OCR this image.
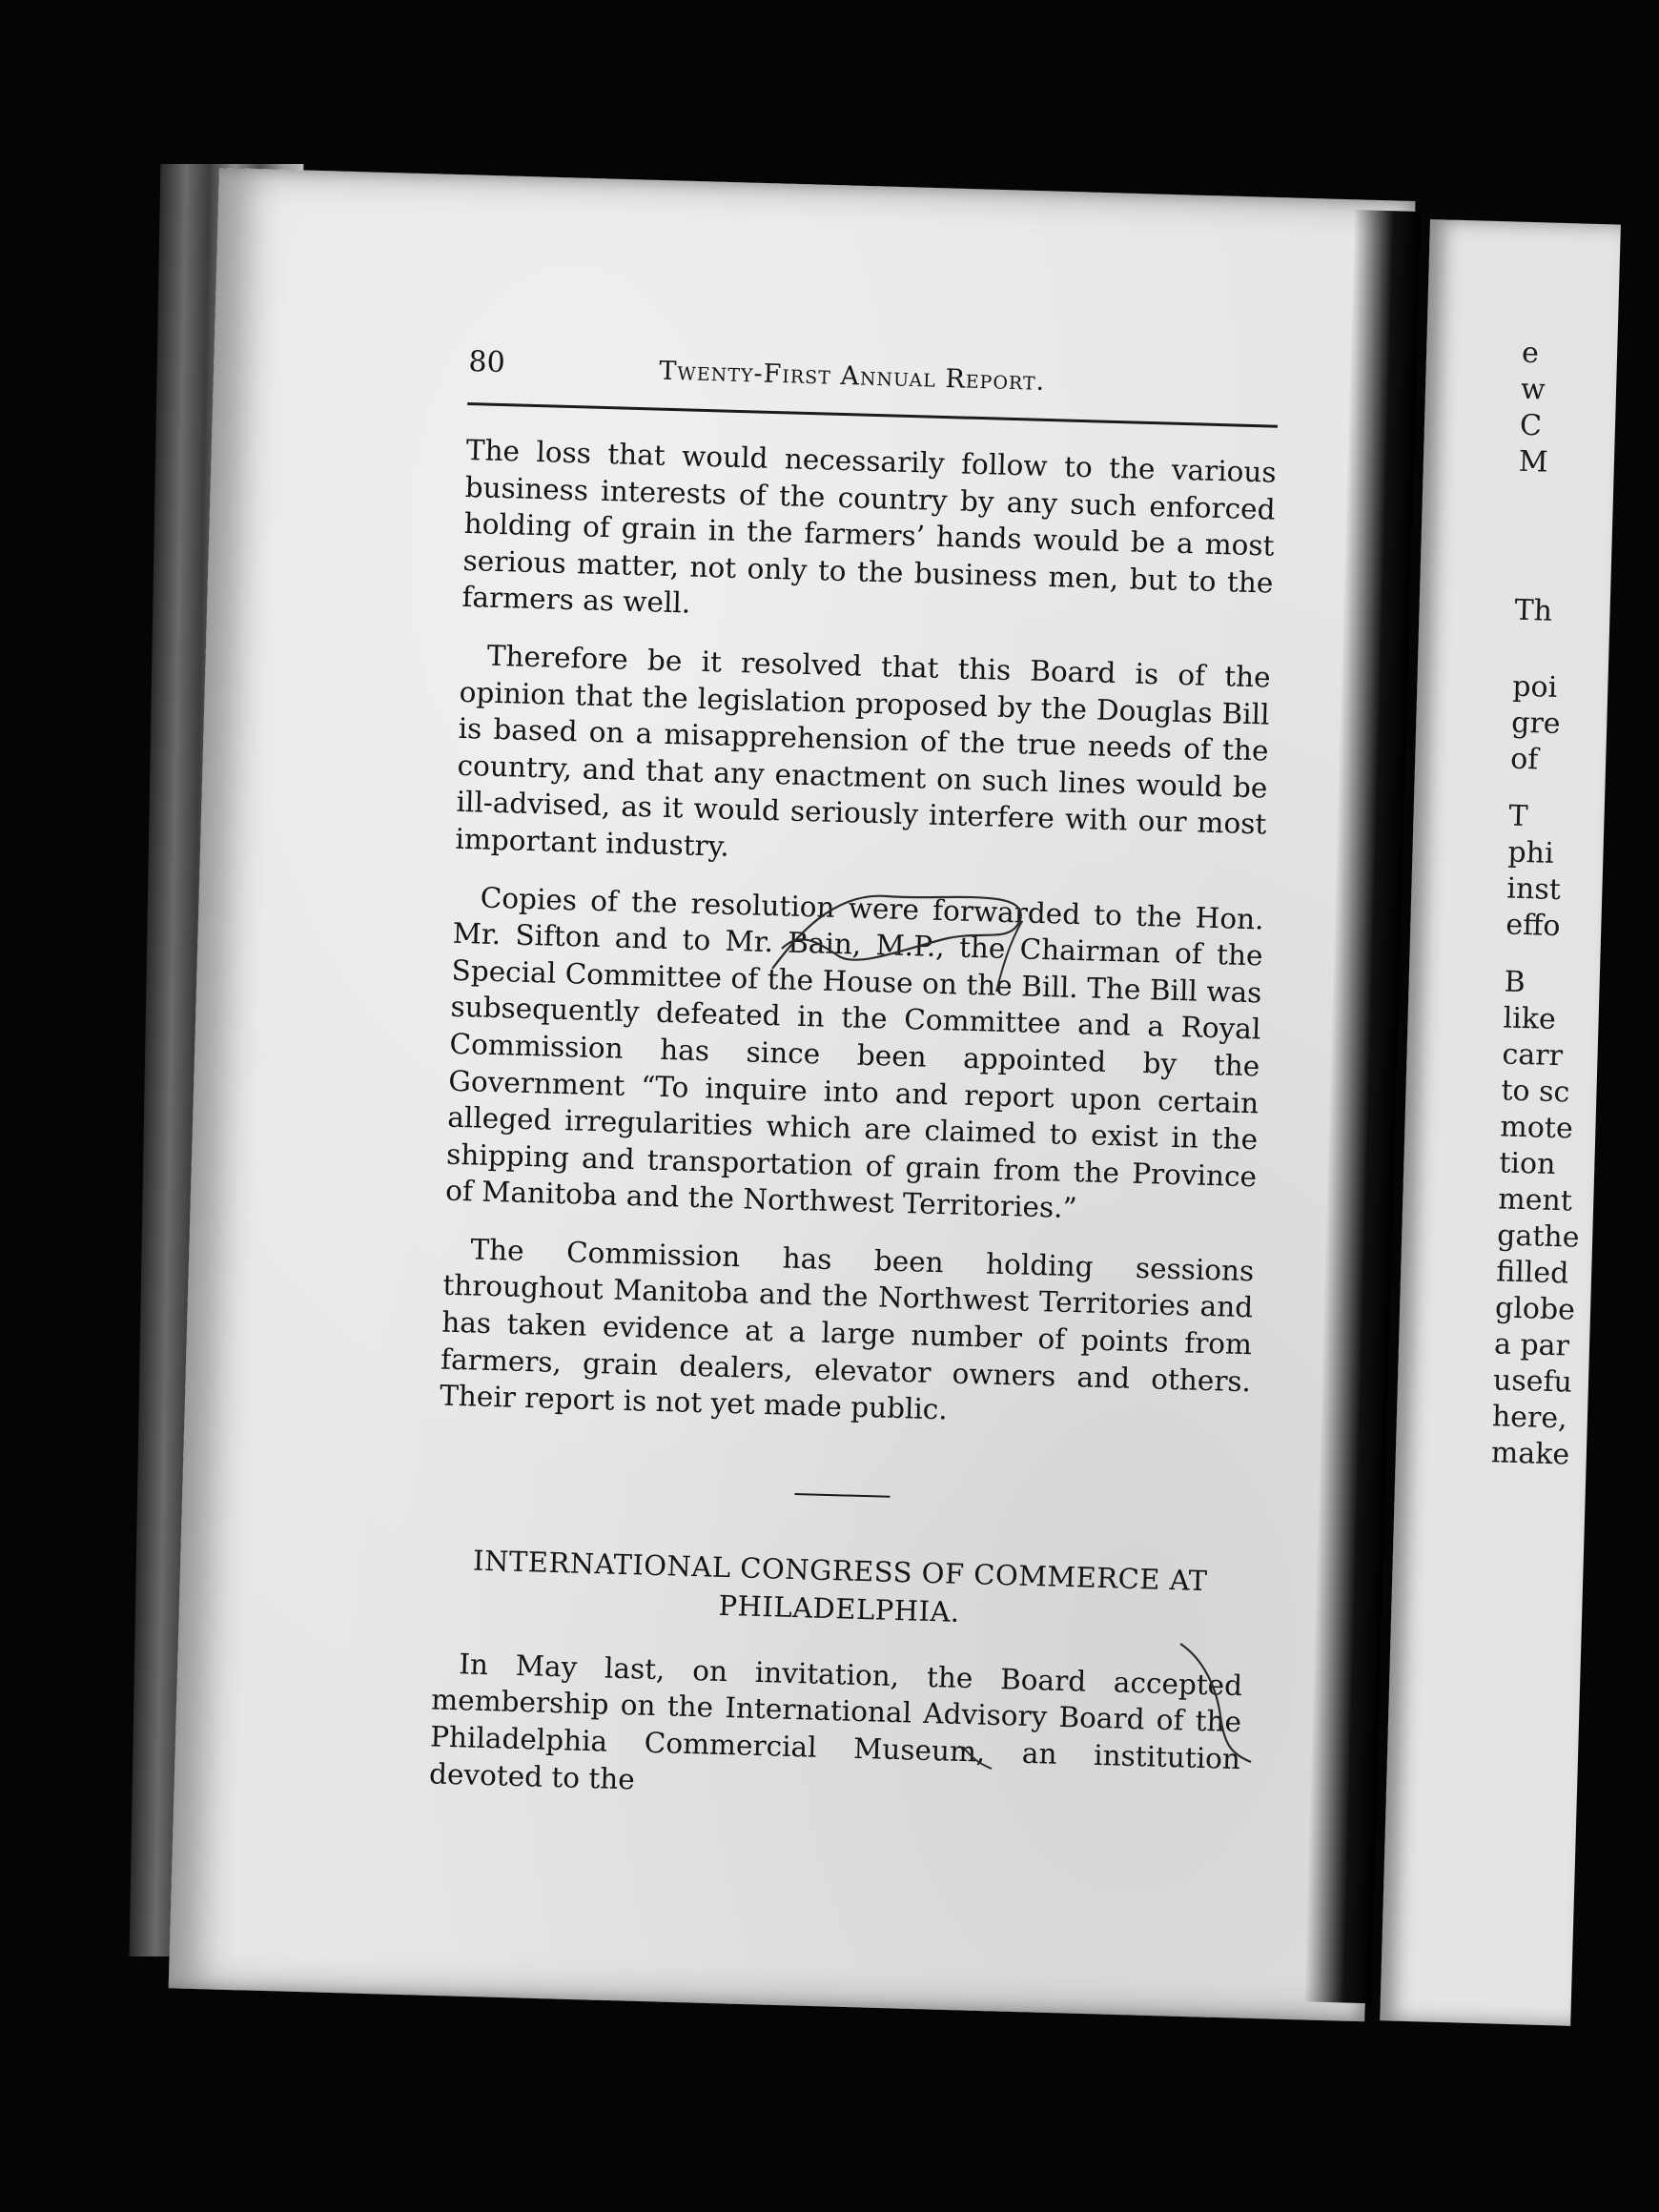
e
w
C
M
Th
poi
gre
of
T
phi
inst
effo
B
like
carr
to sc
mote
tion
ment
gathe
filled
globe
a par
usefu
here,
make
80	Twenty-First Annual Report.

The loss that would necessarily follow to the various business interests of the country by any such enforced holding of grain in the farmers’ hands would be a most serious matter, not only to the business men, but to the farmers as well.

Therefore be it resolved that this Board is of the opinion that the legislation proposed by the Douglas Bill is based on a misapprehension of the true needs of the country, and that any enactment on such lines would be ill-advised, as it would seriously interfere with our most important industry.

Copies of the resolution were forwarded to the Hon. Mr. Sifton and to Mr. Bain, M.P., the Chairman of the Special Committee of the House on the Bill. The Bill was subsequently defeated in the Committee and a Royal Commission has since been appointed by the Government “To inquire into and report upon certain alleged irregularities which are claimed to exist in the shipping and transportation of grain from the Province of Manitoba and the Northwest Territories.”

The Commission has been holding sessions throughout Manitoba and the Northwest Territories and has taken evidence at a large number of points from farmers, grain dealers, elevator owners and others. Their report is not yet made public.

INTERNATIONAL CONGRESS OF COMMERCE AT
PHILADELPHIA.

In May last, on invitation, the Board accepted membership on the International Advisory Board of the Philadelphia Commercial Museum, an institution devoted to the
